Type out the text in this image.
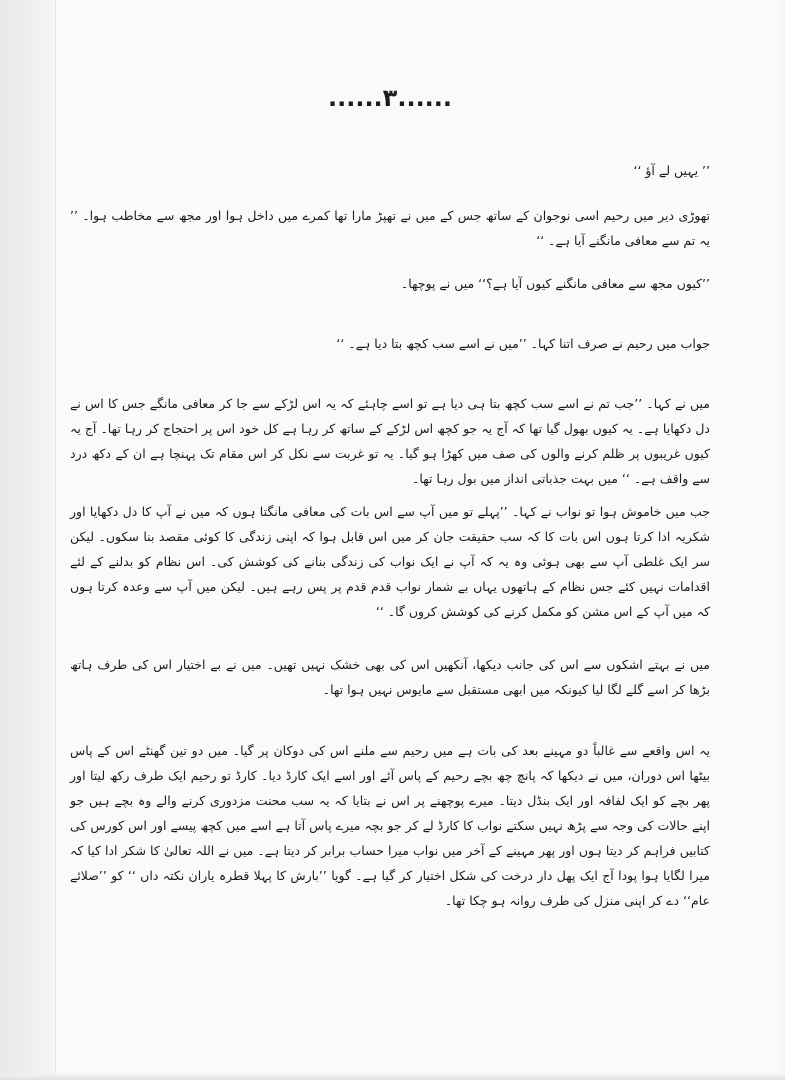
......۳......

’’ یہیں لے آؤ ‘‘

تھوڑی دیر میں رحیم اسی نوجوان کے ساتھ جس کے میں نے تھپڑ مارا تھا کمرے میں داخل ہوا اور مجھ سے مخاطب ہوا۔ ’’ یہ تم سے معافی مانگنے آیا ہے۔ ‘‘

’’کیوں مجھ سے معافی مانگنے کیوں آیا ہے؟‘‘ میں نے پوچھا۔

جواب میں رحیم نے صرف اتنا کہا۔ ’’میں نے اسے سب کچھ بتا دیا ہے۔ ‘‘

میں نے کہا۔ ’’جب تم نے اسے سب کچھ بتا ہی دیا ہے تو اسے چاہئے کہ یہ اس لڑکے سے جا کر معافی مانگے جس کا اس نے دل دکھایا ہے۔ یہ کیوں بھول گیا تھا کہ آج یہ جو کچھ اس لڑکے کے ساتھ کر رہا ہے کل خود اس پر احتجاج کر رہا تھا۔ آج یہ کیوں غریبوں پر ظلم کرنے والوں کی صف میں کھڑا ہو گیا۔ یہ تو غربت سے نکل کر اس مقام تک پہنچا ہے ان کے دکھ درد سے واقف ہے۔ ‘‘ میں بہت جذباتی انداز میں بول رہا تھا۔

جب میں خاموش ہوا تو نواب نے کہا۔ ’’پہلے تو میں آپ سے اس بات کی معافی مانگتا ہوں کہ میں نے آپ کا دل دکھایا اور شکریہ ادا کرتا ہوں اس بات کا کہ سب حقیقت جان کر میں اس قابل ہوا کہ اپنی زندگی کا کوئی مقصد بنا سکوں۔ لیکن سر ایک غلطی آپ سے بھی ہوئی وہ یہ کہ آپ نے ایک نواب کی زندگی بنانے کی کوشش کی۔ اس نظام کو بدلنے کے لئے اقدامات نہیں کئے جس نظام کے ہاتھوں یہاں بے شمار نواب قدم قدم پر پس رہے ہیں۔ لیکن میں آپ سے وعدہ کرتا ہوں کہ میں آپ کے اس مشن کو مکمل کرنے کی کوشش کروں گا۔ ‘‘

میں نے بہتے اشکوں سے اس کی جانب دیکھا، آنکھیں اس کی بھی خشک نہیں تھیں۔ میں نے بے اختیار اس کی طرف ہاتھ بڑھا کر اسے گلے لگا لیا کیونکہ میں ابھی مستقبل سے مایوس نہیں ہوا تھا۔

یہ اس واقعے سے غالباً دو مہینے بعد کی بات ہے میں رحیم سے ملنے اس کی دوکان پر گیا۔ میں دو تین گھنٹے اس کے پاس بیٹھا اس دوران، میں نے دیکھا کہ پانچ چھ بچے رحیم کے پاس آئے اور اسے ایک کارڈ دیا۔ کارڈ تو رحیم ایک طرف رکھ لیتا اور پھر بچے کو ایک لفافہ اور ایک بنڈل دیتا۔ میرے پوچھنے پر اس نے بتایا کہ یہ سب محنت مزدوری کرنے والے وہ بچے ہیں جو اپنے حالات کی وجہ سے پڑھ نہیں سکتے نواب کا کارڈ لے کر جو بچہ میرے پاس آتا ہے اسے میں کچھ پیسے اور اس کورس کی کتابیں فراہم کر دیتا ہوں اور پھر مہینے کے آخر میں نواب میرا حساب برابر کر دیتا ہے۔ میں نے اللہ تعالیٰ کا شکر ادا کیا کہ میرا لگایا ہوا پودا آج ایک پھل دار درخت کی شکل اختیار کر گیا ہے۔ گویا ’’بارش کا پہلا قطرہ یاران نکتہ داں ‘‘ کو ’’صلائے عام‘‘ دے کر اپنی منزل کی طرف روانہ ہو چکا تھا۔
